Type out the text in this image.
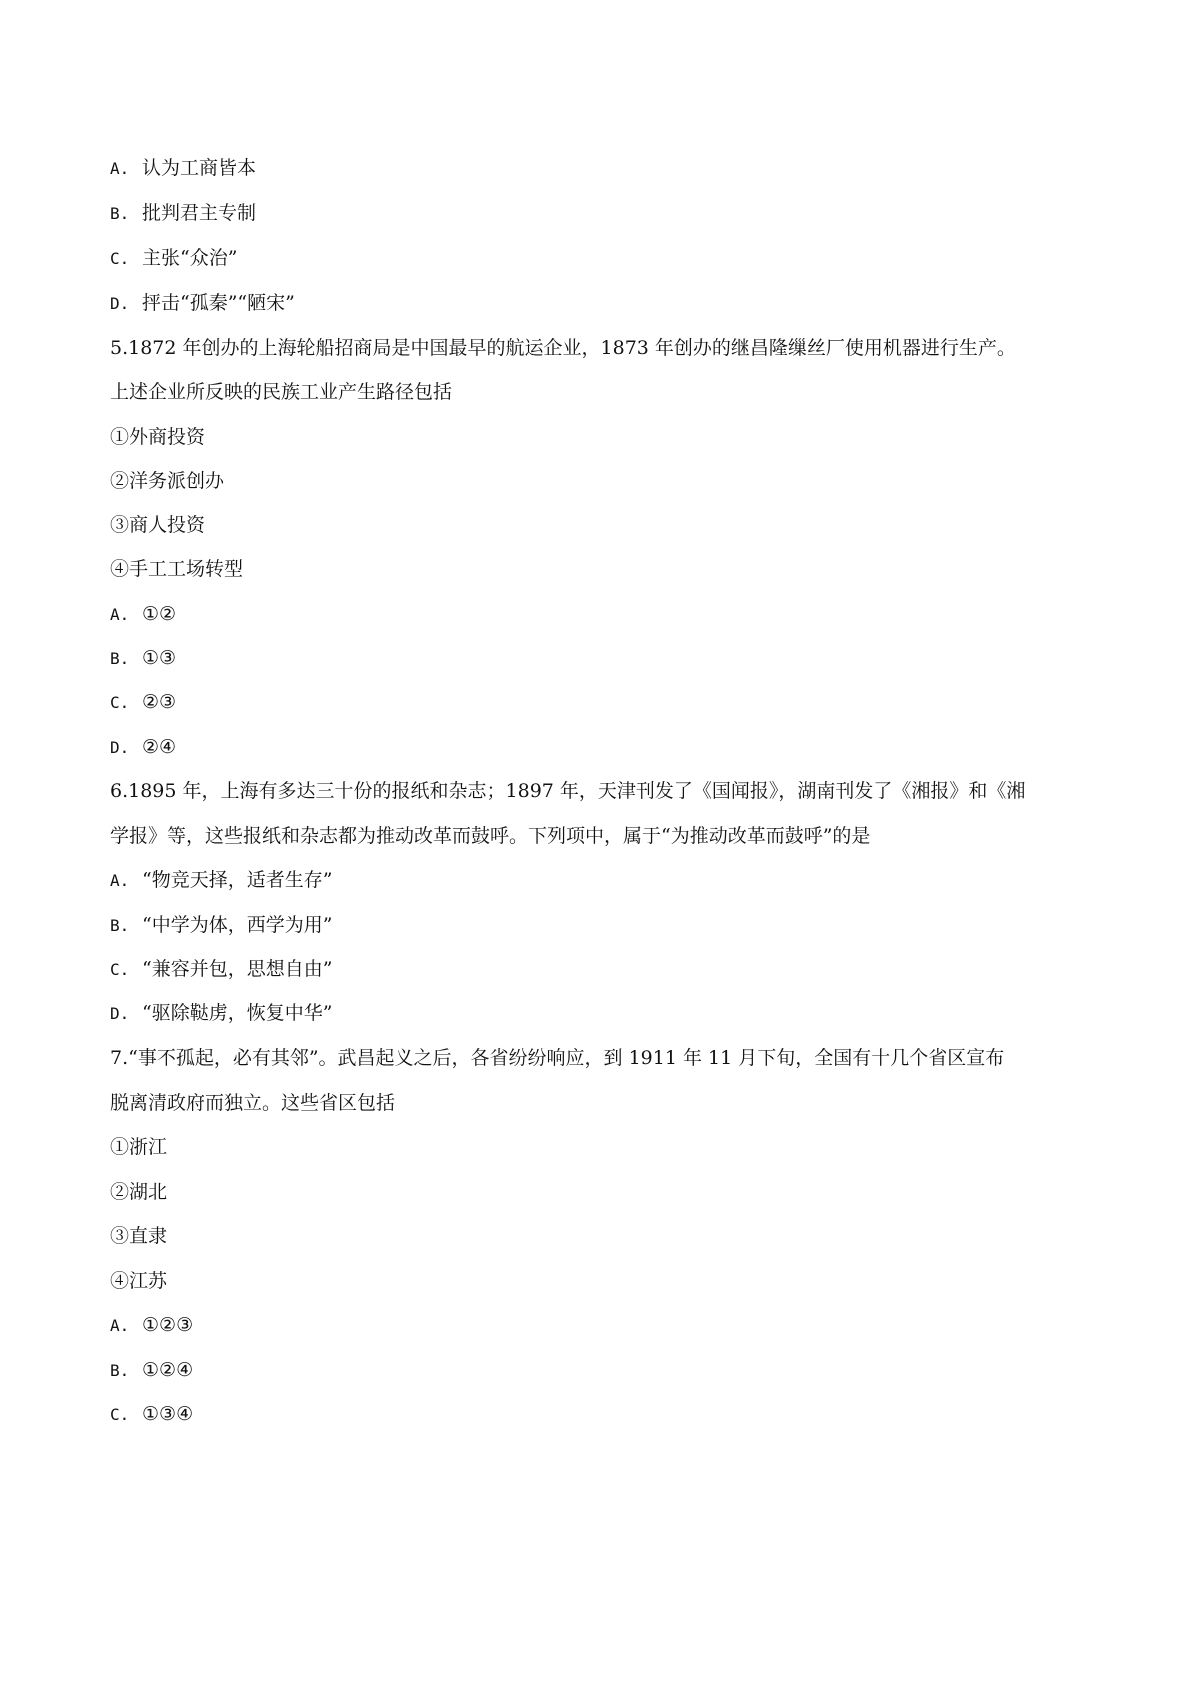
A. 认为工商皆本
B. 批判君主专制
C. 主张“众治”
D. 抨击“孤秦”“陋宋”
5.1872 年创办的上海轮船招商局是中国最早的航运企业，1873 年创办的继昌隆缫丝厂使用机器进行生产。
上述企业所反映的民族工业产生路径包括
①外商投资
②洋务派创办
③商人投资
④手工工场转型
A. ①②
B. ①③
C. ②③
D. ②④
6.1895 年，上海有多达三十份的报纸和杂志；1897 年，天津刊发了《国闻报》，湖南刊发了《湘报》和《湘
学报》等，这些报纸和杂志都为推动改革而鼓呼。下列项中，属于“为推动改革而鼓呼”的是
A. “物竞天择，适者生存”
B. “中学为体，西学为用”
C. “兼容并包，思想自由”
D. “驱除鞑虏，恢复中华”
7.“事不孤起，必有其邻”。武昌起义之后，各省纷纷响应，到 1911 年 11 月下旬，全国有十几个省区宣布
脱离清政府而独立。这些省区包括
①浙江
②湖北
③直隶
④江苏
A. ①②③
B. ①②④
C. ①③④
